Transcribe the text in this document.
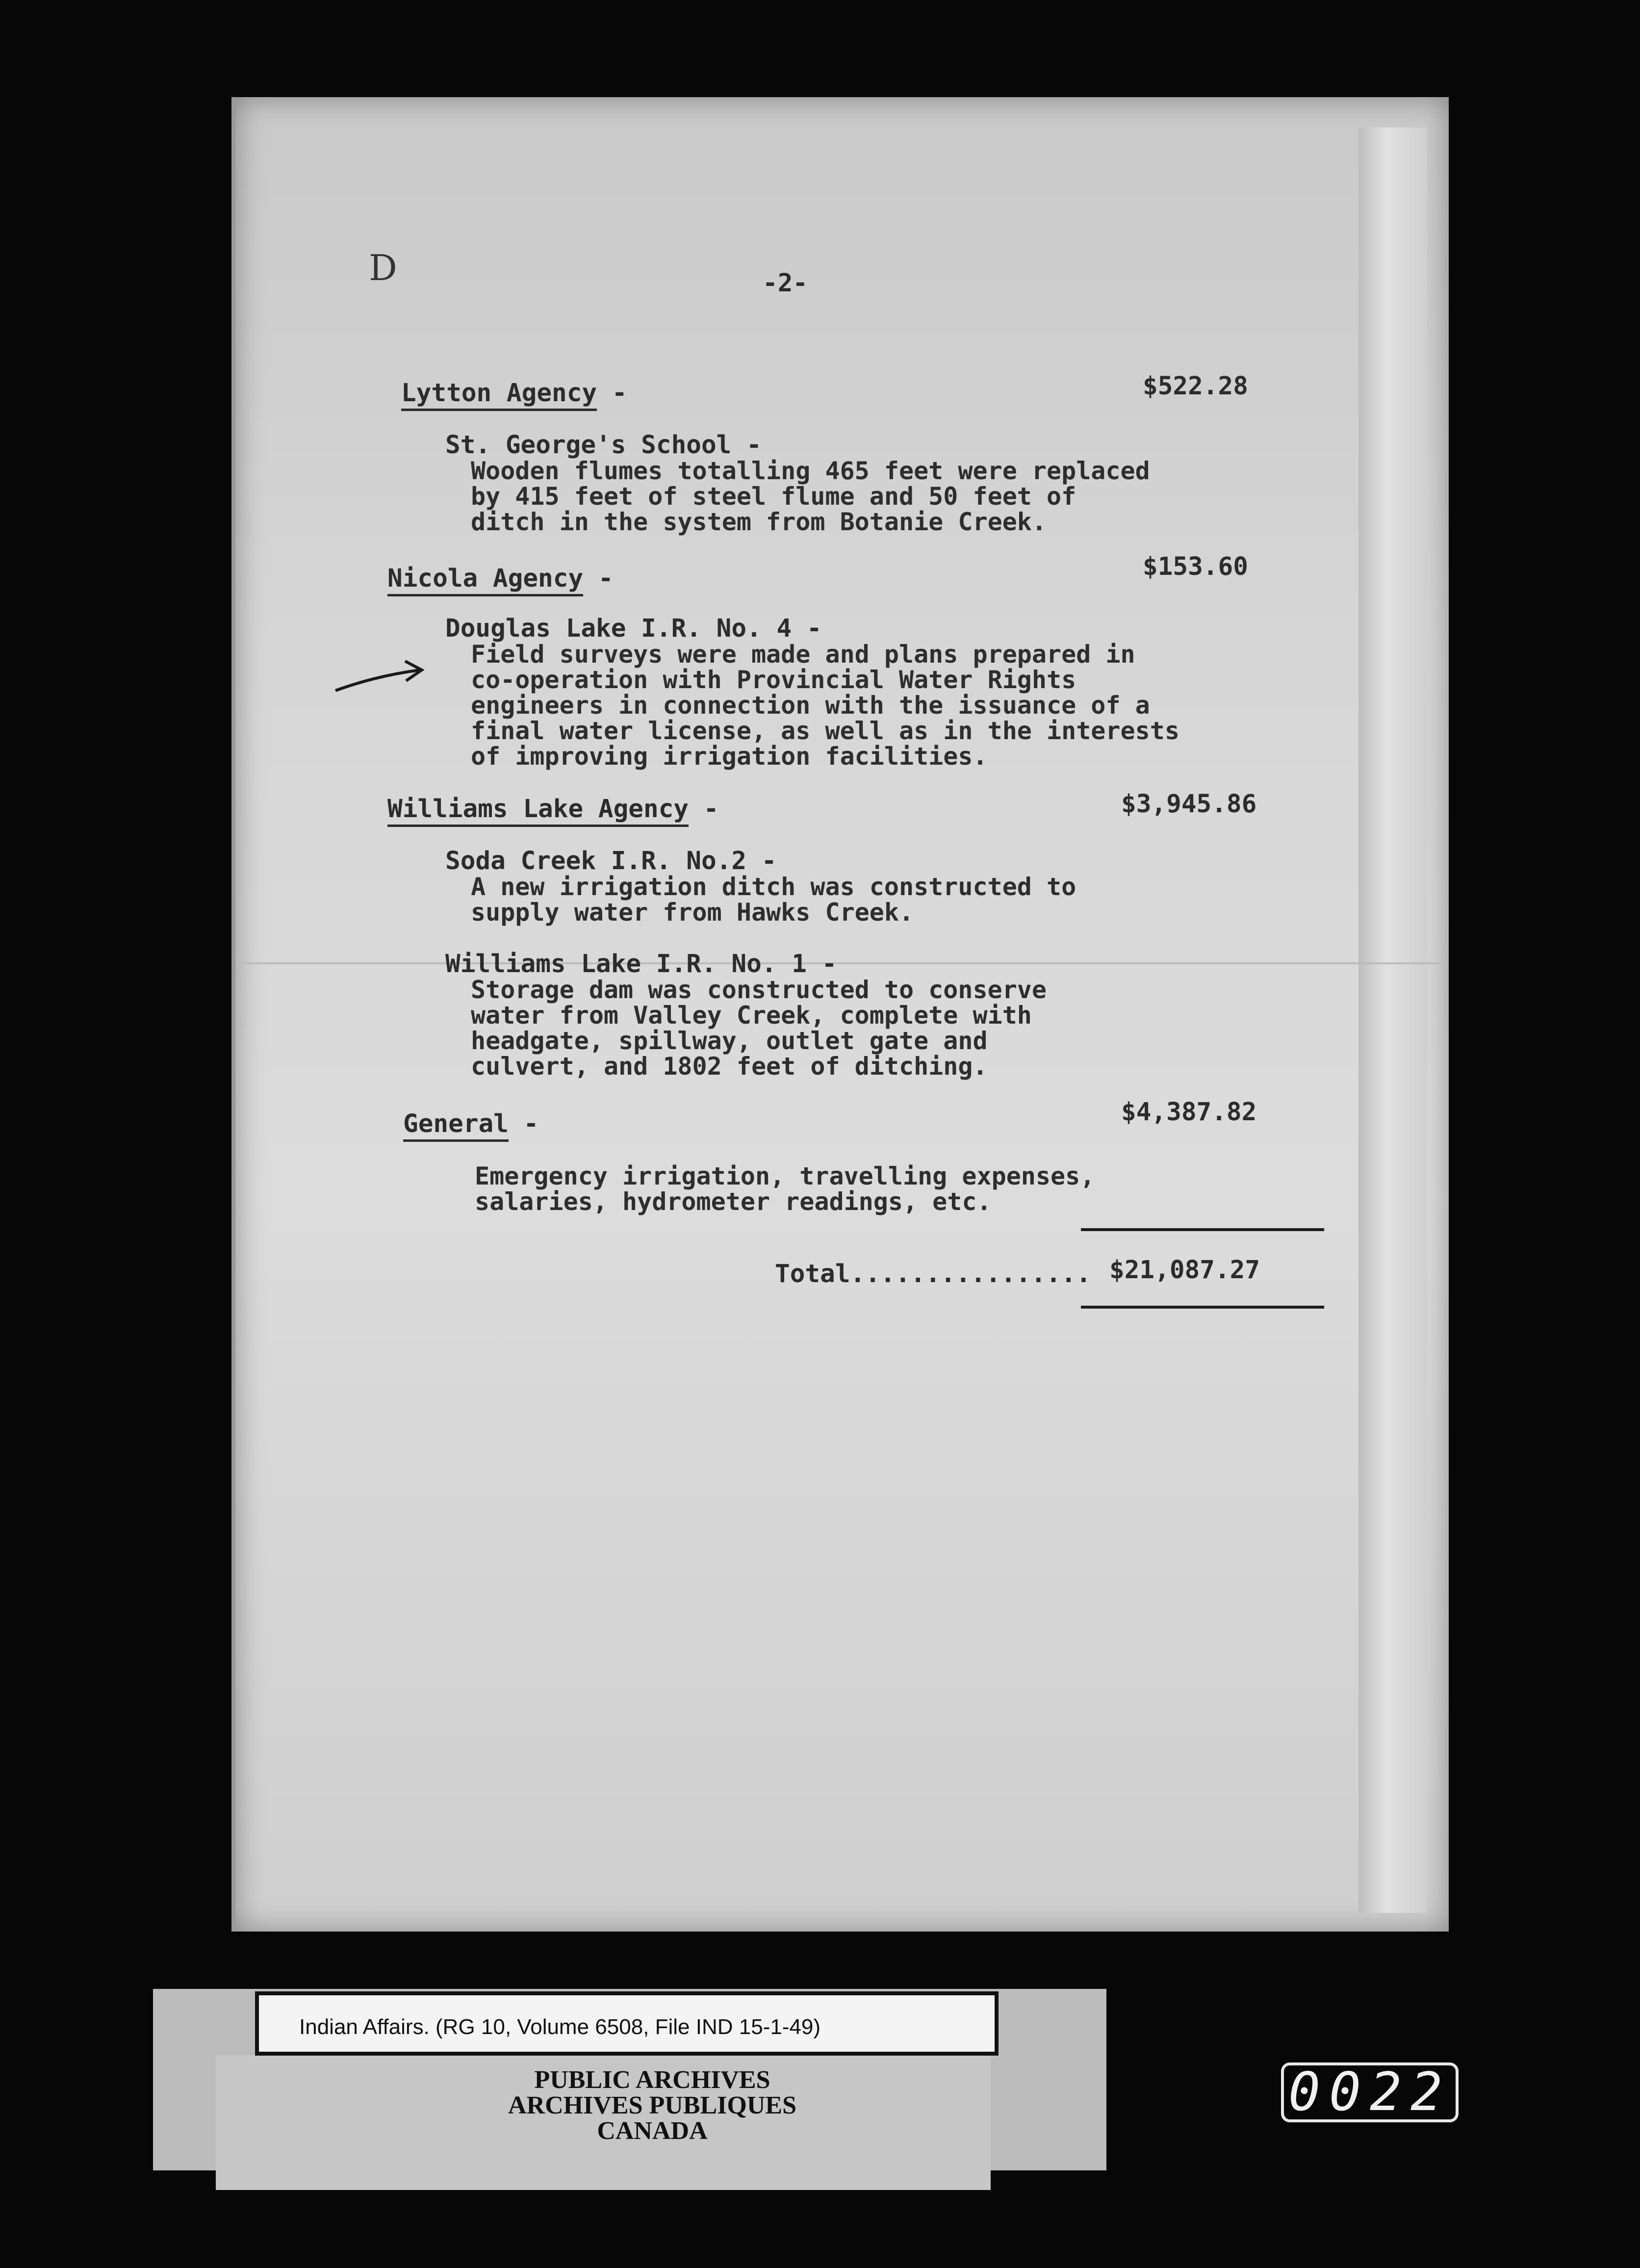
D	-2-
Lytton Agency -	$522.28
St. George's School -
Wooden flumes totalling 465 feet were replaced
by 415 feet of steel flume and 50 feet of
ditch in the system from Botanie Creek.
Nicola Agency -	$153.60
Douglas Lake I.R. No. 4 -
Field surveys were made and plans prepared in
co-operation with Provincial Water Rights
engineers in connection with the issuance of a
final water license, as well as in the interests
of improving irrigation facilities.
Williams Lake Agency -	$3,945.86
Soda Creek I.R. No.2 -
A new irrigation ditch was constructed to
supply water from Hawks Creek.
Williams Lake I.R. No. 1 -
Storage dam was constructed to conserve
water from Valley Creek, complete with
headgate, spillway, outlet gate and
culvert, and 1802 feet of ditching.
General -	$4,387.82
Emergency irrigation, travelling expenses,
salaries, hydrometer readings, etc.
Total................ $21,087.27
Indian Affairs. (RG 10, Volume 6508, File IND 15-1-49)
PUBLIC ARCHIVES
ARCHIVES PUBLIQUES
CANADA
0022
